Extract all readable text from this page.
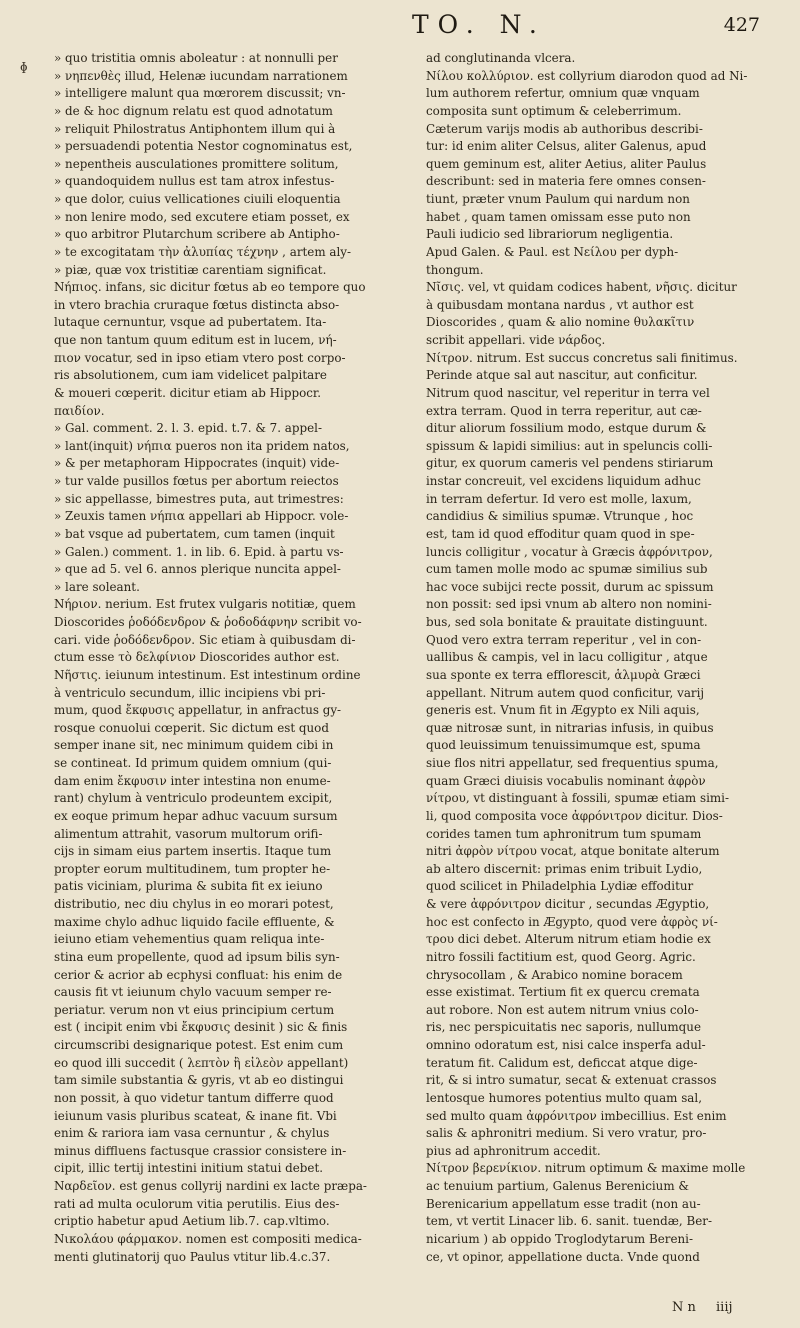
TO. N.	427
ᶲ » quo tristitia omnis aboleatur : at nonnulli per
» νηπενθὲς illud, Helenæ iucundam narrationem
» intelligere malunt qua mœrorem discussit; vn-
» de & hoc dignum relatu est quod adnotatum
» reliquit Philostratus Antiphontem illum qui à
» persuadendi potentia Nestor cognominatus est,
» nepentheis ausculationes promittere solitum,
» quandoquidem nullus est tam atrox infestus-
» que dolor, cuius vellicationes ciuili eloquentia
» non lenire modo, sed excutere etiam posset, ex
» quo arbitror Plutarchum scribere ab Antipho-
» te excogitatam τὴν ἀλυπίας τέχνην , artem aly-
» piæ, quæ vox tristitiæ carentiam significat.
Νήπιος. infans, sic dicitur fœtus ab eo tempore quo
in vtero brachia cruraque fœtus distincta abso-
lutaque cernuntur, vsque ad pubertatem. Ita-
que non tantum quum editum est in lucem, νή-
πιον vocatur, sed in ipso etiam vtero post corpo-
ris absolutionem, cum iam videlicet palpitare
& moueri cœperit. dicitur etiam ab Hippocr.
παιδίον.
» Gal. comment. 2. l. 3. epid. t.7. & 7. appel-
» lant(inquit) νήπια pueros non ita pridem natos,
» & per metaphoram Hippocrates (inquit) vide-
» tur valde pusillos fœtus per abortum reiectos
» sic appellasse, bimestres puta, aut trimestres:
» Zeuxis tamen νήπια appellari ab Hippocr. vole-
» bat vsque ad pubertatem, cum tamen (inquit
» Galen.) comment. 1. in lib. 6. Epid. à partu vs-
» que ad 5. vel 6. annos plerique nuncita appel-
» lare soleant.
Νήριον. nerium. Est frutex vulgaris notitiæ, quem
Dioscorides ῥοδόδενδρον & ῥοδοδάφνην scribit vo-
cari. vide ῥοδόδενδρον. Sic etiam à quibusdam di-
ctum esse τὸ δελφίνιον Dioscorides author est.
Νῆστις. ieiunum intestinum. Est intestinum ordine
à ventriculo secundum, illic incipiens vbi pri-
mum, quod ἔκφυσις appellatur, in anfractus gy-
rosque conuolui cœperit. Sic dictum est quod
semper inane sit, nec minimum quidem cibi in
se contineat. Id primum quidem omnium (qui-
dam enim ἔκφυσιν inter intestina non enume-
rant) chylum à ventriculo prodeuntem excipit,
ex eoque primum hepar adhuc vacuum sursum
alimentum attrahit, vasorum multorum orifi-
cijs in simam eius partem insertis. Itaque tum
propter eorum multitudinem, tum propter he-
patis viciniam, plurima & subita fit ex ieiuno
distributio, nec diu chylus in eo morari potest,
maxime chylo adhuc liquido facile effluente, &
ieiuno etiam vehementius quam reliqua inte-
stina eum propellente, quod ad ipsum bilis syn-
cerior & acrior ab ecphysi confluat: his enim de
causis fit vt ieiunum chylo vacuum semper re-
periatur. verum non vt eius principium certum
est ( incipit enim vbi ἔκφυσις desinit ) sic & finis
circumscribi designarique potest. Est enim cum
eo quod illi succedit ( λεπτὸν ἢ εἰλεὸν appellant)
tam simile substantia & gyris, vt ab eo distingui
non possit, à quo videtur tantum differre quod
ieiunum vasis pluribus scateat, & inane fit. Vbi
enim & rariora iam vasa cernuntur , & chylus
minus diffluens factusque crassior consistere in-
cipit, illic tertij intestini initium statui debet.
Ναρδεῖον. est genus collyrij nardini ex lacte præpa-
rati ad multa oculorum vitia perutilis. Eius des-
criptio habetur apud Aetium lib.7. cap.vltimo.
Νικολάου φάρμακον. nomen est compositi medica-
menti glutinatorij quo Paulus vtitur lib.4.c.37.
ad conglutinanda vlcera.
Νίλου κολλύριον. est collyrium diarodon quod ad Ni-
lum authorem refertur, omnium quæ vnquam
composita sunt optimum & celeberrimum.
Cæterum varijs modis ab authoribus describi-
tur: id enim aliter Celsus, aliter Galenus, apud
quem geminum est, aliter Aetius, aliter Paulus
describunt: sed in materia fere omnes consen-
tiunt, præter vnum Paulum qui nardum non
habet , quam tamen omissam esse puto non
Pauli iudicio sed librariorum negligentia.
Apud Galen. & Paul. est Νείλου per dyph-
thongum.
Νῖσις. vel, vt quidam codices habent, νῆσις. dicitur
à quibusdam montana nardus , vt author est
Dioscorides , quam & alio nomine θυλακῖτιν
scribit appellari. vide νάρδος.
Νίτρον. nitrum. Est succus concretus sali finitimus.
Perinde atque sal aut nascitur, aut conficitur.
Nitrum quod nascitur, vel reperitur in terra vel
extra terram. Quod in terra reperitur, aut cæ-
ditur aliorum fossilium modo, estque durum &
spissum & lapidi similius: aut in speluncis colli-
gitur, ex quorum cameris vel pendens stiriarum
instar concreuit, vel excidens liquidum adhuc
in terram defertur. Id vero est molle, laxum,
candidius & similius spumæ. Vtrunque , hoc
est, tam id quod effoditur quam quod in spe-
luncis colligitur , vocatur à Græcis ἀφρόνιτρον,
cum tamen molle modo ac spumæ similius sub
hac voce subijci recte possit, durum ac spissum
non possit: sed ipsi vnum ab altero non nomini-
bus, sed sola bonitate & prauitate distinguunt.
Quod vero extra terram reperitur , vel in con-
uallibus & campis, vel in lacu colligitur , atque
sua sponte ex terra efflorescit, ἁλμυρὰ Græci
appellant. Nitrum autem quod conficitur, varij
generis est. Vnum fit in Ægypto ex Nili aquis,
quæ nitrosæ sunt, in nitrarias infusis, in quibus
quod leuissimum tenuissimumque est, spuma
siue flos nitri appellatur, sed frequentius spuma,
quam Græci diuisis vocabulis nominant ἀφρὸν
νίτρου, vt distinguant à fossili, spumæ etiam simi-
li, quod composita voce ἀφρόνιτρον dicitur. Dios-
corides tamen tum aphronitrum tum spumam
nitri ἀφρὸν νίτρου vocat, atque bonitate alterum
ab altero discernit: primas enim tribuit Lydio,
quod scilicet in Philadelphia Lydiæ effoditur
& vere ἀφρόνιτρον dicitur , secundas Ægyptio,
hoc est confecto in Ægypto, quod vere ἀφρὸς νί-
τρου dici debet. Alterum nitrum etiam hodie ex
nitro fossili factitium est, quod Georg. Agric.
chrysocollam , & Arabico nomine boracem
esse existimat. Tertium fit ex quercu cremata
aut robore. Non est autem nitrum vnius colo-
ris, nec perspicuitatis nec saporis, nullumque
omnino odoratum est, nisi calce insperfa adul-
teratum fit. Calidum est, deficcat atque dige-
rit, & si intro sumatur, secat & extenuat crassos
lentosque humores potentius multo quam sal,
sed multo quam ἀφρόνιτρον imbecillius. Est enim
salis & aphronitri medium. Si vero vratur, pro-
pius ad aphronitrum accedit.
Νίτρον βερενίκιον. nitrum optimum & maxime molle
ac tenuium partium, Galenus Berenicium &
Berenicarium appellatum esse tradit (non au-
tem, vt vertit Linacer lib. 6. sanit. tuendæ, Ber-
nicarium ) ab oppido Troglodytarum Bereni-
ce, vt opinor, appellatione ducta. Vnde quond
N n iiij
